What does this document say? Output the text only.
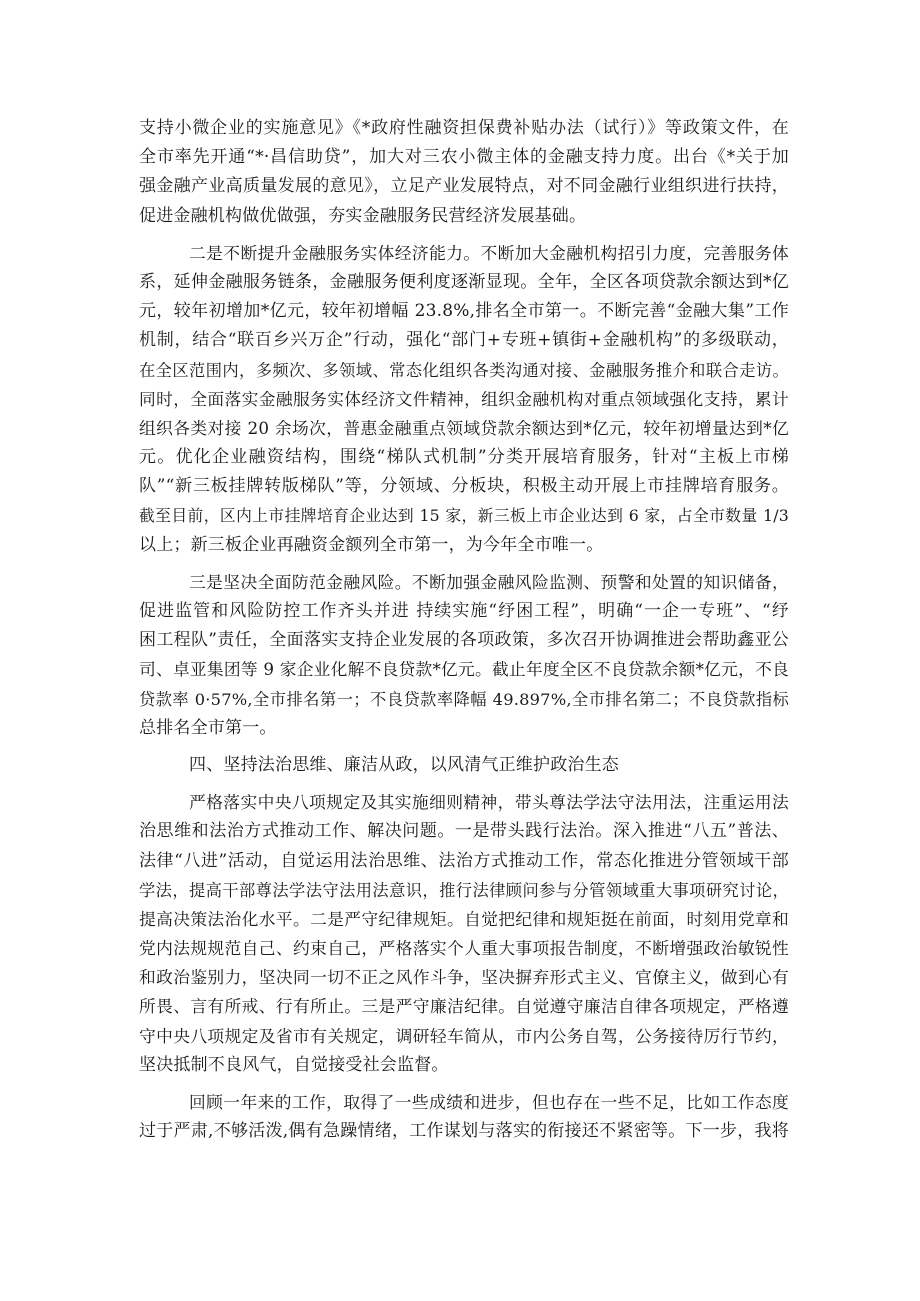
支持小微企业的实施意见》《*政府性融资担保费补贴办法（试行）》等政策文件，在
全市率先开通“*·昌信助贷”，加大对三农小微主体的金融支持力度。出台《*关于加
强金融产业高质量发展的意见》，立足产业发展特点，对不同金融行业组织进行扶持，
促进金融机构做优做强，夯实金融服务民营经济发展基础。
二是不断提升金融服务实体经济能力。不断加大金融机构招引力度，完善服务体
系，延伸金融服务链条，金融服务便利度逐渐显现。全年，全区各项贷款余额达到*亿
元，较年初增加*亿元，较年初增幅 23.8%,排名全市第一。不断完善“金融大集”工作
机制，结合“联百乡兴万企”行动，强化“部门+专班+镇街+金融机构”的多级联动，
在全区范围内，多频次、多领域、常态化组织各类沟通对接、金融服务推介和联合走访。
同时，全面落实金融服务实体经济文件精神，组织金融机构对重点领域强化支持，累计
组织各类对接 20 余场次，普惠金融重点领域贷款余额达到*亿元，较年初增量达到*亿
元。优化企业融资结构，围绕“梯队式机制”分类开展培育服务，针对“主板上市梯
队”“新三板挂牌转版梯队”等，分领域、分板块，积极主动开展上市挂牌培育服务。
截至目前，区内上市挂牌培育企业达到 15 家，新三板上市企业达到 6 家，占全市数量 1/3
以上；新三板企业再融资金额列全市第一，为今年全市唯一。
三是坚决全面防范金融风险。不断加强金融风险监测、预警和处置的知识储备，
促进监管和风险防控工作齐头并进 持续实施“纾困工程”，明确“一企一专班”、“纾
困工程队”责任，全面落实支持企业发展的各项政策，多次召开协调推进会帮助鑫亚公
司、卓亚集团等 9 家企业化解不良贷款*亿元。截止年度全区不良贷款余额*亿元，不良
贷款率 0·57%,全市排名第一；不良贷款率降幅 49.897%,全市排名第二；不良贷款指标
总排名全市第一。
四、坚持法治思维、廉洁从政，以风清气正维护政治生态
严格落实中央八项规定及其实施细则精神，带头尊法学法守法用法，注重运用法
治思维和法治方式推动工作、解决问题。一是带头践行法治。深入推进“八五”普法、
法律“八进”活动，自觉运用法治思维、法治方式推动工作，常态化推进分管领域干部
学法，提高干部尊法学法守法用法意识，推行法律顾问参与分管领域重大事项研究讨论，
提高决策法治化水平。二是严守纪律规矩。自觉把纪律和规矩挺在前面，时刻用党章和
党内法规规范自己、约束自己，严格落实个人重大事项报告制度，不断增强政治敏锐性
和政治鉴别力，坚决同一切不正之风作斗争，坚决摒弃形式主义、官僚主义，做到心有
所畏、言有所戒、行有所止。三是严守廉洁纪律。自觉遵守廉洁自律各项规定，严格遵
守中央八项规定及省市有关规定，调研轻车简从，市内公务自驾，公务接待厉行节约，
坚决抵制不良风气，自觉接受社会监督。
回顾一年来的工作，取得了一些成绩和进步，但也存在一些不足，比如工作态度
过于严肃,不够活泼,偶有急躁情绪，工作谋划与落实的衔接还不紧密等。下一步，我将
